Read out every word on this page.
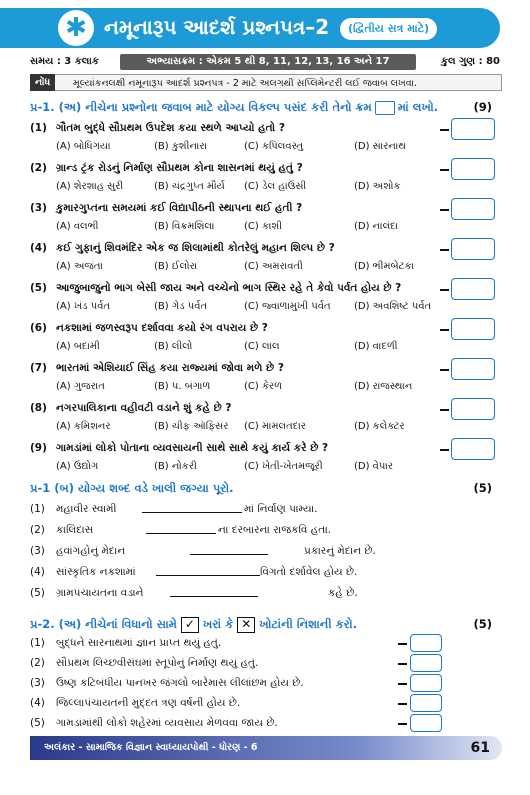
✱ નમૂનારૂપ આદર્શ પ્રશ્નપત્ર–2	(દ્વિતીય સત્ર માટે)
સમય : 3 કલાક	અભ્યાસક્રમ : એકમ 5 થી 8, 11, 12, 13, 16 અને 17	કુલ ગુણ : 80
નોંધ	મૂલ્યાંકનલક્ષી નમૂનારૂપ આદર્શ પ્રશ્નપત્ર - 2 માટે અલગથી સપ્લિમેન્ટરી લઈ જવાબ લખવા.
પ્ર-1. (અ) નીચેના પ્રશ્નોના જવાબ માટે યોગ્ય વિકલ્પ પસંદ કરી તેનો ક્રમ માં લખો.	(9)
(1) ગૌતમ બુદ્ધે સૌપ્રથમ ઉપદેશ કયા સ્થળે આપ્યો હતો ?
(A) બોધિગયા	(B) કુશીનારા	(C) કપિલવસ્તુ	(D) સારનાથ
(2) ગ્રાન્ડ ટ્રંક રોડનું નિર્માણ સૌપ્રથમ કોના શાસનમાં થયું હતું ?
(A) શેરશાહ સુરી	(B) ચંદ્રગુપ્ત મૌર્ય (C) ડેલ હાઉસી	(D) અશોક
(3) કુમારગુપ્તના સમયમાં કઈ વિદ્યાપીઠની સ્થાપના થઈ હતી ?
(A) વલભી	(B) વિક્રમશિલા	(C) કાશી	(D) નાલંદા
(4) કઈ ગુફાનું શિવમંદિર એક જ શિલામાંથી કોતરેલું મહાન શિલ્પ છે ?
(A) અજંતા	(B) ઈલોરા	(C) અમરાવતી	(D) ભીમબેટકા
(5) આજુબાજુનો ભાગ બેસી જાય અને વચ્ચેનો ભાગ સ્થિર રહે તે કેવો પર્વત હોય છે ?
(A) ખંડ પર્વત	(B) ગેડ પર્વત	(C) જ્વાળામુખી પર્વત (D) અવશિષ્ટ પર્વત
(6) નકશામાં જળસ્વરૂપ દર્શાવવા કયો રંગ વપરાય છે ?
(A) બદામી	(B) લીલો	(C) લાલ	(D) વાદળી
(7) ભારતમાં એશિયાઈ સિંહ કયા રાજ્યમાં જોવા મળે છે ?
(A) ગુજરાત	(B) પ. બંગાળ	(C) કેરળ	(D) રાજસ્થાન
(8) નગરપાલિકાના વહીવટી વડાને શું કહે છે ?
(A) કમિશનર	(B) ચીફ ઑફિસર (C) મામલતદાર	(D) કલેક્ટર
(9) ગામડાંમાં લોકો પોતાના વ્યવસાયની સાથે સાથે કયું કાર્ય કરે છે ?
(A) ઉદ્યોગ	(B) નોકરી	(C) ખેતી-ખેતમજૂરી	(D) વેપાર
પ્ર-1 (બ) યોગ્ય શબ્દ વડે ખાલી જગ્યા પૂરો.	(5)
(1) મહાવીર સ્વામી	માં નિર્વાણ પામ્યા.
(2) કાલિદાસ	ના દરબારના રાજકવિ હતા.
(3) હવાંગહોનું મેદાન	પ્રકારનું મેદાન છે.
(4) સાંસ્કૃતિક નકશામાં	વિગતો દર્શાવેલ હોય છે.
(5) ગ્રામપંચાયતના વડાને	કહે છે.
પ્ર-2. (અ) નીચેનાં વિધાનો સામે ✓ ખરાં કે ✕ ખોટાંની નિશાની કરો.	(5)
(1) બુદ્ધને સારનાથમાં જ્ઞાન પ્રાપ્ત થયું હતું.
(2) સૌપ્રથમ લિચ્છવીસંઘમાં સ્તૂપોનું નિર્માણ થયું હતું.
(3) ઉષ્ણ કટિબંધીય પાનખર જંગલો બારેમાસ લીલાંછમ હોય છે.
(4) જિલ્લાપંચાયતની મુદ્દત ત્રણ વર્ષની હોય છે.
(5) ગામડાંમાંથી લોકો શહેરમાં વ્યવસાય મેળવવા જાય છે.
અલંકાર - સામાજિક વિજ્ઞાન સ્વાધ્યાયપોથી - ધોરણ - 6	61
